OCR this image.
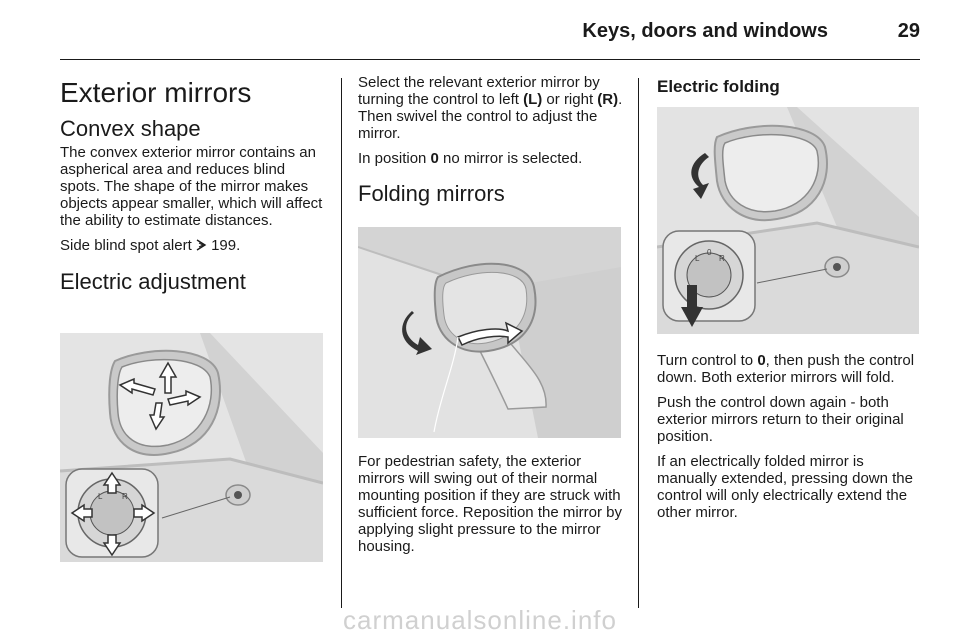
Keys, doors and windows	29
Exterior mirrors
Convex shape

The convex exterior mirror contains an aspherical area and reduces blind spots. The shape of the mirror makes objects appear smaller, which will affect the ability to estimate distances.

Side blind spot alert 199.

Electric adjustment
L R

Select the relevant exterior mirror by turning the control to left (L) or right (R). Then swivel the control to adjust the mirror.

In position 0 no mirror is selected.

Folding mirrors

For pedestrian safety, the exterior mirrors will swing out of their normal mounting position if they are struck with sufficient force. Reposition the mirror by applying slight pressure to the mirror housing.

Electric folding
L
0
R

Turn control to 0, then push the control down. Both exterior mirrors will fold.

Push the control down again - both exterior mirrors return to their original position.

If an electrically folded mirror is manually extended, pressing down the control will only electrically extend the other mirror.

carmanualsonline.info
